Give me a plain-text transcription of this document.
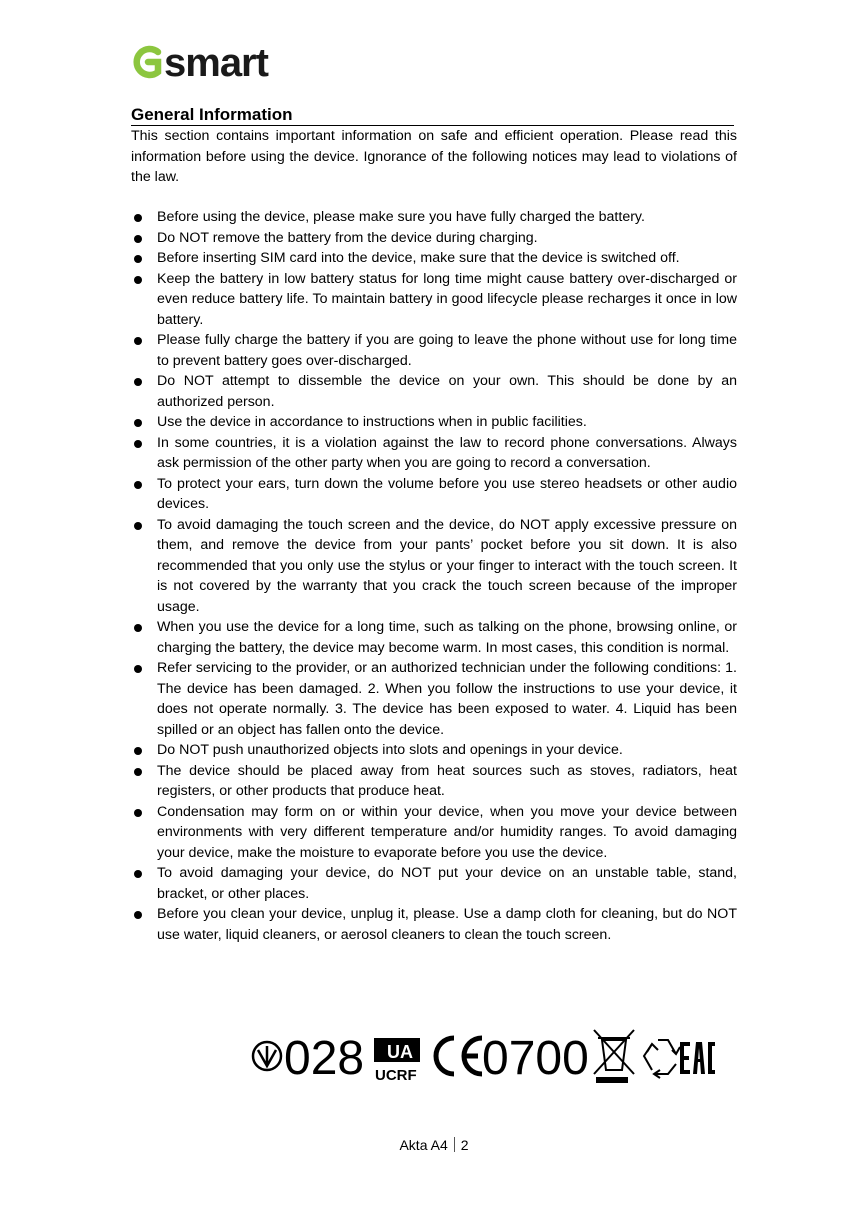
smart
General Information
This section contains important information on safe and efficient operation. Please read this information before using the device. Ignorance of the following notices may lead to violations of the law.
Before using the device, please make sure you have fully charged the battery.
Do NOT remove the battery from the device during charging.
Before inserting SIM card into the device, make sure that the device is switched off.
Keep the battery in low battery status for long time might cause battery over-discharged or even reduce battery life. To maintain battery in good lifecycle please recharges it once in low battery.
Please fully charge the battery if you are going to leave the phone without use for long time to prevent battery goes over-discharged.
Do NOT attempt to dissemble the device on your own. This should be done by an authorized person.
Use the device in accordance to instructions when in public facilities.
In some countries, it is a violation against the law to record phone conversations. Always ask permission of the other party when you are going to record a conversation.
To protect your ears, turn down the volume before you use stereo headsets or other audio devices.
To avoid damaging the touch screen and the device, do NOT apply excessive pressure on them, and remove the device from your pants’ pocket before you sit down. It is also recommended that you only use the stylus or your finger to interact with the touch screen. It is not covered by the warranty that you crack the touch screen because of the improper usage.
When you use the device for a long time, such as talking on the phone, browsing online, or charging the battery, the device may become warm. In most cases, this condition is normal.
Refer servicing to the provider, or an authorized technician under the following conditions: 1. The device has been damaged. 2. When you follow the instructions to use your device, it does not operate normally. 3. The device has been exposed to water. 4. Liquid has been spilled or an object has fallen onto the device.
Do NOT push unauthorized objects into slots and openings in your device.
The device should be placed away from heat sources such as stoves, radiators, heat registers, or other products that produce heat.
Condensation may form on or within your device, when you move your device between environments with very different temperature and/or humidity ranges. To avoid damaging your device, make the moisture to evaporate before you use the device.
To avoid damaging your device, do NOT put your device on an unstable table, stand, bracket, or other places.
Before you clean your device, unplug it, please. Use a damp cloth for cleaning, but do NOT use water, liquid cleaners, or aerosol cleaners to clean the touch screen.
028 UA
UCRF 0700
Akta A4 2
